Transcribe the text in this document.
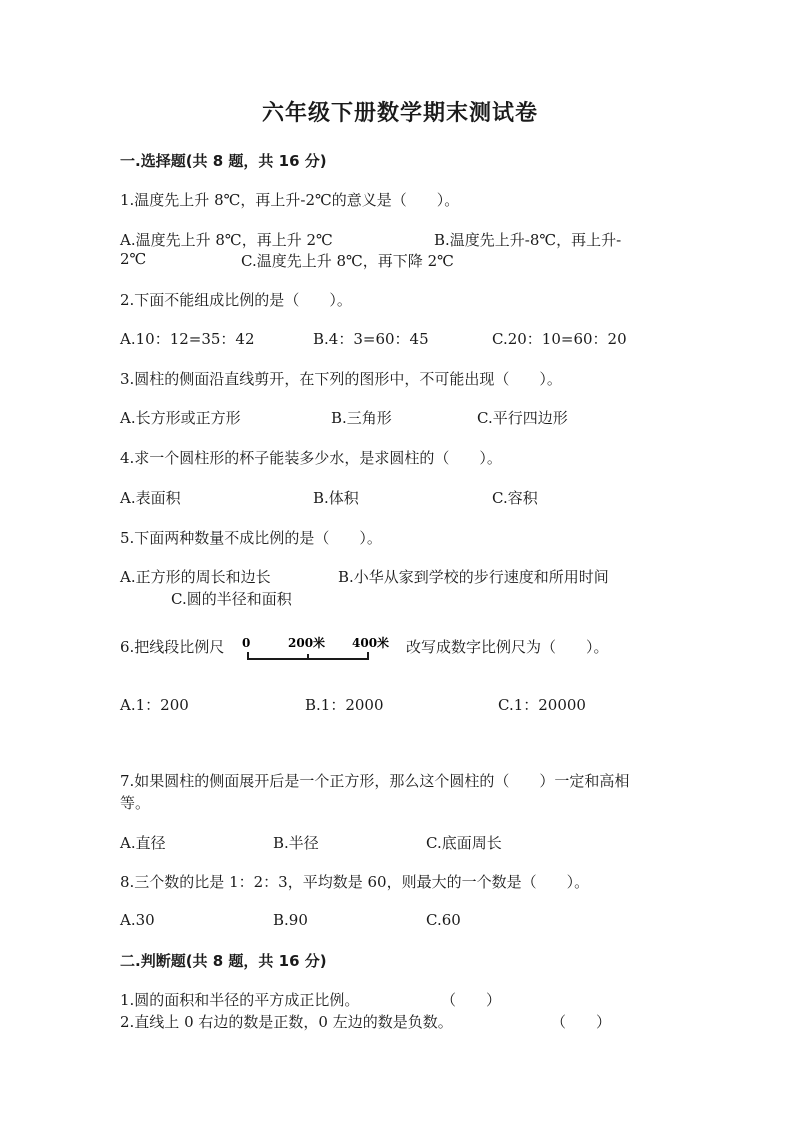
六年级下册数学期末测试卷
一.选择题(共 8 题，共 16 分)
1.温度先上升 8℃，再上升-2℃的意义是（　　）。
A.温度先上升 8℃，再上升 2℃	B.温度先上升-8℃，再上升-
2℃	C.温度先上升 8℃，再下降 2℃
2.下面不能组成比例的是（　　）。
A.10：12=35：42	B.4：3=60：45	C.20：10=60：20
3.圆柱的侧面沿直线剪开，在下列的图形中，不可能出现（　　）。
A.长方形或正方形	B.三角形	C.平行四边形
4.求一个圆柱形的杯子能装多少水，是求圆柱的（　　）。
A.表面积	B.体积	C.容积
5.下面两种数量不成比例的是（　　）。
A.正方形的周长和边长	B.小华从家到学校的步行速度和所用时间
C.圆的半径和面积
6.把线段比例尺 0	200米 400米 改写成数字比例尺为（　　）。
A.1：200	B.1：2000	C.1：20000
7.如果圆柱的侧面展开后是一个正方形，那么这个圆柱的（　　）一定和高相
等。
A.直径	B.半径	C.底面周长
8.三个数的比是 1：2：3，平均数是 60，则最大的一个数是（　　）。
A.30	B.90	C.60
二.判断题(共 8 题，共 16 分)
1.圆的面积和半径的平方成正比例。	（　　）
2.直线上 0 右边的数是正数，0 左边的数是负数。	（　　）
